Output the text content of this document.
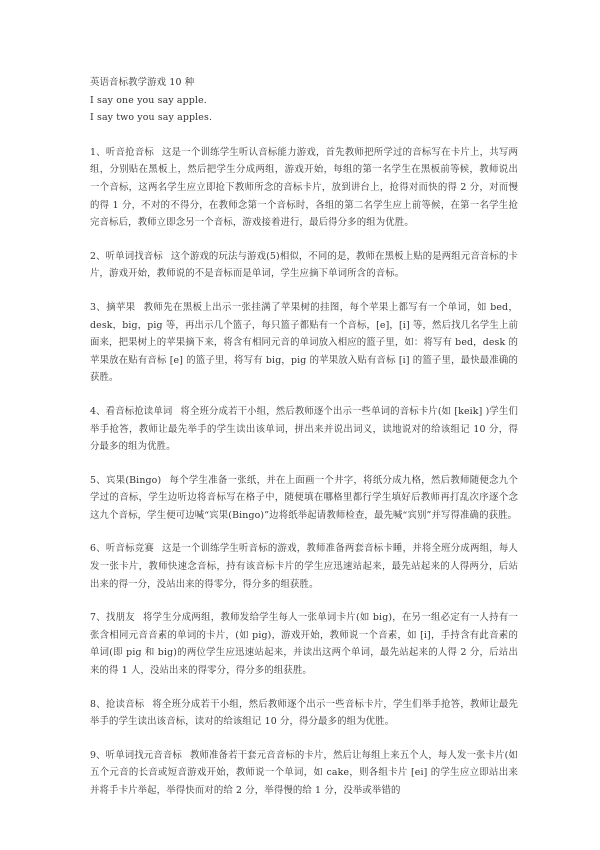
英语音标教学游戏 10 种

I say one you say apple.

I say two you say apples.

1、听音抢音标 这是一个训练学生听认音标能力游戏，首先教师把所学过的音标写在卡片上，共写两组，分别贴在黑板上，然后把学生分成两组，游戏开始，每组的第一名学生在黑板前等候，教师说出一个音标，这两名学生应立即抢下教师所念的音标卡片，放到讲台上，抢得对而快的得 2 分，对而慢的得 1 分，不对的不得分，在教师念第一个音标时，各组的第二名学生应上前等候，在第一名学生抢完音标后，教师立即念另一个音标，游戏接着进行，最后得分多的组为优胜。

2、听单词找音标 这个游戏的玩法与游戏(5)相似，不同的是，教师在黑板上贴的是两组元音音标的卡片，游戏开始，教师说的不是音标而是单词，学生应摘下单词所含的音标。

3、摘苹果 教师先在黑板上出示一张挂满了苹果树的挂图，每个苹果上都写有一个单词，如 bed，desk，big，pig 等，再出示几个篮子，每只篮子都贴有一个音标，[e]，[i] 等，然后找几名学生上前面来，把果树上的苹果摘下来，将含有相同元音的单词放入相应的篮子里，如：将写有 bed，desk 的苹果放在贴有音标 [e] 的篮子里，将写有 big，pig 的苹果放入贴有音标 [i] 的篮子里，最快最准确的获胜。

4、看音标抢读单词 将全班分成若干小组，然后教师逐个出示一些单词的音标卡片(如 [keik] )学生们举手抢答，教师让最先举手的学生读出该单词，拼出来并说出词义，读地说对的给该组记 10 分，得分最多的组为优胜。

5、宾果(Bingo) 每个学生准备一张纸，并在上面画一个井字，将纸分成九格，然后教师随便念九个学过的音标，学生边听边将音标写在格子中，随便填在哪格里都行学生填好后教师再打乱次序逐个念这九个音标，学生便可边喊“宾果(Bingo)”边将纸举起请教师检查，最先喊“宾别”并写得准确的获胜。

6、听音标竞赛 这是一个训练学生听音标的游戏，教师准备两套音标卡睡，并将全班分成两组，每人发一张卡片，教师快速念音标，持有该音标卡片的学生应迅速站起来，最先站起来的人得两分，后站出来的得一分，没站出来的得零分，得分多的组获胜。

7、找朋友 将学生分成两组，教师发给学生每人一张单词卡片(如 big)，在另一组必定有一人持有一张含相同元音音素的单词的卡片，(如 pig)，游戏开始，教师说一个音素，如 [i]，手持含有此音素的单词(即 pig 和 big)的两位学生应迅速站起来，并读出这两个单词，最先站起来的人得 2 分，后站出来的得 1 人，没站出来的得零分，得分多的组获胜。

8、抢读音标 将全班分成若干小组，然后教师逐个出示一些音标卡片，学生们举手抢答，教师让最先举手的学生读出该音标，读对的给该组记 10 分，得分最多的组为优胜。

9、听单词找元音音标 教师准备若干套元音音标的卡片，然后让每组上来五个人，每人发一张卡片(如五个元音的长音或短音游戏开始，教师说一个单词，如 cake，则各组卡片 [ei] 的学生应立即站出来并将手卡片举起，举得快而对的给 2 分，举得慢的给 1 分，没举或举错的
